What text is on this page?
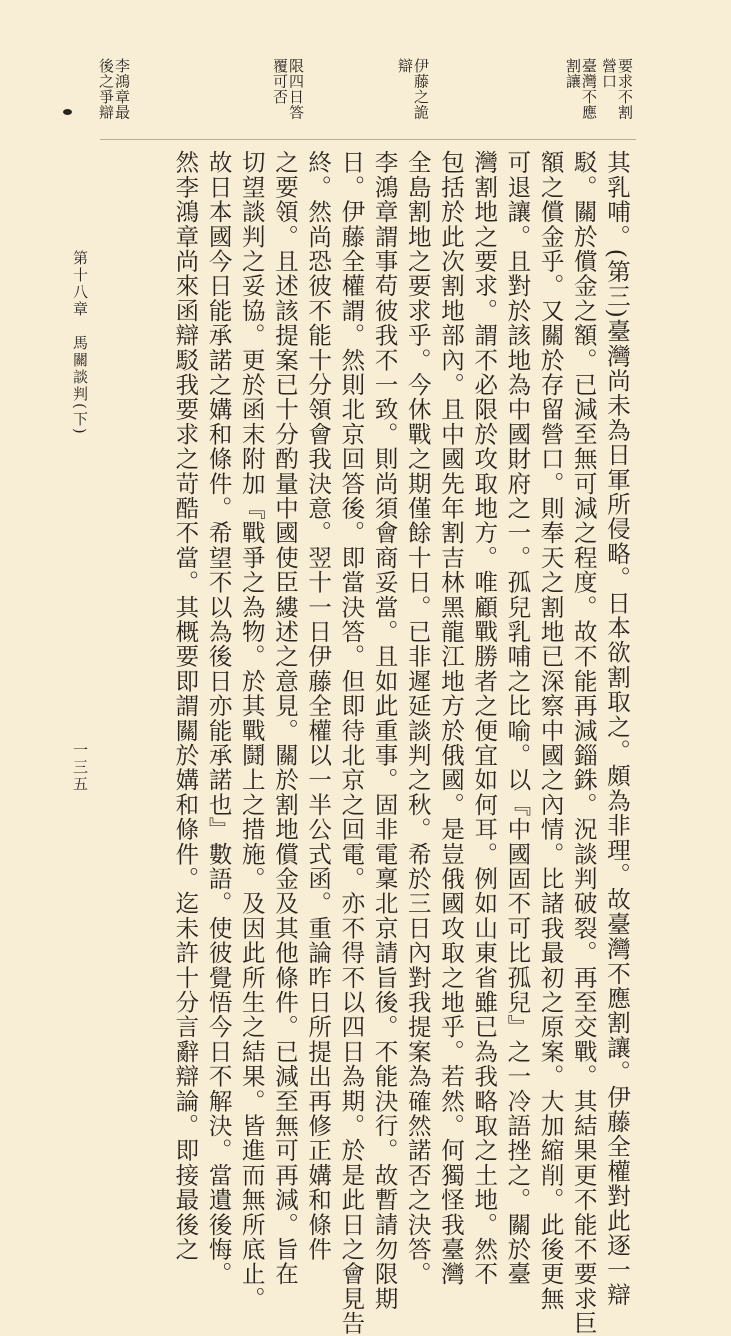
要求不割
營口
臺灣不應
割讓
伊藤之詭
辯
限四日答
覆可否
李鴻章最
後之爭辯
﹏﹏﹏﹏﹏﹏﹏﹏﹏﹏﹏﹏﹏﹏﹏﹏﹏﹏﹏﹏﹏﹏﹏﹏﹏﹏﹏﹏﹏﹏﹏﹏﹏﹏﹏﹏﹏﹏﹏﹏﹏﹏﹏﹏﹏﹏﹏﹏﹏﹏﹏﹏﹏﹏﹏﹏﹏﹏﹏﹏﹏﹏﹏﹏﹏﹏﹏
其乳哺。(第三)臺灣尚未為日軍所侵略。日本欲割取之。頗為非理。故臺灣不應割讓。伊藤全權對此逐一辯
駁。關於償金之額。已減至無可減之程度。故不能再減錙銖。況談判破裂。再至交戰。其結果更不能不要求巨
額之償金乎。又關於存留營口。則奉天之割地已深察中國之內情。比諸我最初之原案。大加縮削。此後更無
可退讓。且對於該地為中國財府之一。孤兒乳哺之比喻。以『中國固不可比孤兒』之一冷語挫之。關於臺
灣割地之要求。謂不必限於攻取地方。唯顧戰勝者之便宜如何耳。例如山東省雖已為我略取之土地。然不
包括於此次割地部內。且中國先年割吉林黑龍江地方於俄國。是豈俄國攻取之地乎。若然。何獨怪我臺灣
全島割地之要求乎。今休戰之期僅餘十日。已非遲延談判之秋。希於三日內對我提案為確然諾否之決答。
李鴻章謂事苟彼我不一致。則尚須會商妥當。且如此重事。固非電稟北京請旨後。不能決行。故暫請勿限期
日。伊藤全權謂。然則北京回答後。即當決答。但即待北京之回電。亦不得不以四日為期。於是此日之會見告
終。然尚恐彼不能十分領會我決意。翌十一日伊藤全權以一半公式函。重論昨日所提出再修正媾和條件
之要領。且述該提案已十分酌量中國使臣縷述之意見。關於割地償金及其他條件。已減至無可再減。旨在
切望談判之妥協。更於函末附加『戰爭之為物。於其戰鬪上之措施。及因此所生之結果。皆進而無所底止。
故日本國今日能承諾之媾和條件。希望不以為後日亦能承諾也』數語。使彼覺悟今日不解決。當遺後悔。
然李鴻章尚來函辯駁我要求之苛酷不當。其概要即謂關於媾和條件。迄未許十分言辭辯論。即接最後之
第十八章　馬關談判(下)
一三五
